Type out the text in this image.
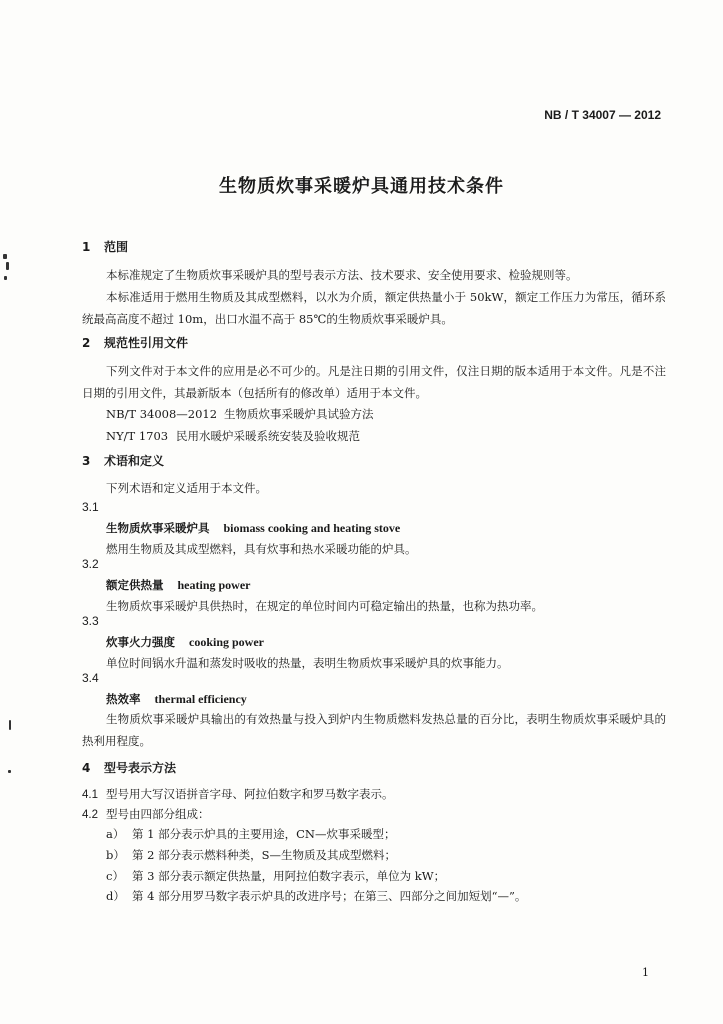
NB / T 34007 — 2012
生物质炊事采暖炉具通用技术条件
1 范围
本标准规定了生物质炊事采暖炉具的型号表示方法、技术要求、安全使用要求、检验规则等。
本标准适用于燃用生物质及其成型燃料，以水为介质，额定供热量小于 50kW，额定工作压力为常压，循环系统最高高度不超过 10m，出口水温不高于 85℃的生物质炊事采暖炉具。
2 规范性引用文件
下列文件对于本文件的应用是必不可少的。凡是注日期的引用文件，仅注日期的版本适用于本文件。凡是不注日期的引用文件，其最新版本（包括所有的修改单）适用于本文件。
NB/T 34008—2012 生物质炊事采暖炉具试验方法
NY/T 1703 民用水暖炉采暖系统安装及验收规范
3 术语和定义
下列术语和定义适用于本文件。
3.1
生物质炊事采暖炉具 biomass cooking and heating stove
燃用生物质及其成型燃料，具有炊事和热水采暖功能的炉具。
3.2
额定供热量 heating power
生物质炊事采暖炉具供热时，在规定的单位时间内可稳定输出的热量，也称为热功率。
3.3
炊事火力强度 cooking power
单位时间锅水升温和蒸发时吸收的热量，表明生物质炊事采暖炉具的炊事能力。
3.4
热效率 thermal efficiency
生物质炊事采暖炉具输出的有效热量与投入到炉内生物质燃料发热总量的百分比，表明生物质炊事采暖炉具的热利用程度。
4 型号表示方法
4.1 型号用大写汉语拼音字母、阿拉伯数字和罗马数字表示。
4.2 型号由四部分组成：
a） 第 1 部分表示炉具的主要用途，CN—炊事采暖型；
b） 第 2 部分表示燃料种类，S—生物质及其成型燃料；
c） 第 3 部分表示额定供热量，用阿拉伯数字表示，单位为 kW；
d） 第 4 部分用罗马数字表示炉具的改进序号；在第三、四部分之间加短划“—”。
1
